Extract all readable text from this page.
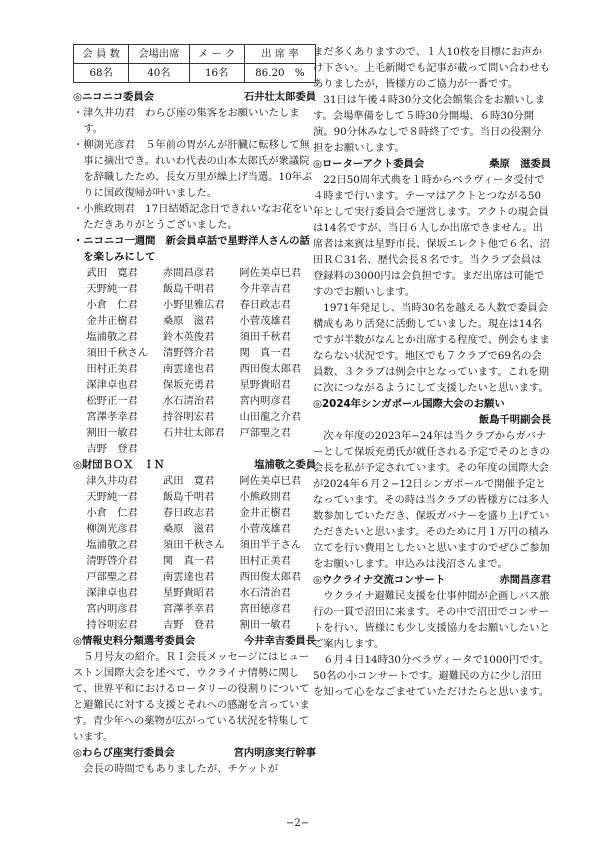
会 員 数	会場出席	メ ー ク	出 席 率
68名	40名	16名	86.20　%
◎ニコニコ委員会	石井壮太郎委員

・津久井功君　わらび座の集客をお願いいたします。

・柳渕光彦君　５年前の胃がんが肝臓に転移して無事に摘出でき。れいわ代表の山本太郎氏が衆議院を辞職したため、長女万里が繰上げ当選。10年ぶりに国政復帰が叶いました。

・小熊政則君　17日結婚記念日できれいなお花をいただきありがとうございました。

・ニコニコ一週間　新会員卓話で星野洋人さんの話を楽しみにして

武田　寛君	赤間昌彦君	阿佐美卓巳君
天野純一君	飯島千明君	今井幸吉君
小倉　仁君	小野里雅広君	春日政志君
金井正樹君	桑原　滋君	小菅茂雄君
塩浦敬之君	鈴木英俊君	須田千秋君
須田千秋さん	清野啓介君	関　真一君
田村正美君	南雲達也君	西田俊太郎君
深津卓也君	保坂充勇君	星野貴昭君
松野正一君	水石清治君	宮内明彦君
宮澤孝幸君	持谷明宏君	山田龍之介君
割田一敏君	石井壮太郎君	戸部聖之君
吉野　登君
◎財団ＢＯＸ　ＩＮ	塩浦敬之委員
津久井功君	武田　寛君	阿佐美卓巳君
天野純一君	飯島千明君	小熊政則君
小倉　仁君	春日政志君	金井正樹君
柳渕光彦君	桑原　滋君	小菅茂雄君
塩浦敬之君	須田千秋さん	須田半子さん
清野啓介君	関　真一君	田村正美君
戸部聖之君	南雲達也君	西田俊太郎君
深津卓也君	星野貴昭君	水石清治君
宮内明彦君	宮澤孝幸君	宮田徳彦君
持谷明宏君	吉野　登君	割田一敏君
◎情報史料分類選考委員会	今井幸吉委員長

５月号友の紹介。ＲＩ会長メッセージにはヒューストン国際大会を述べて、ウクライナ情勢に関して、世界平和におけるロータリーの役割りについてと避難民に対する支援とそれへの感謝を言っています。青少年への薬物が広がっている状況を特集しています。

◎わらび座実行委員会	宮内明彦実行幹事

会長の時間でもありましたが、チケットが

まだ多くありますので、１人10枚を目標にお声かけ下さい。上毛新聞でも記事が載って問い合わせもありましたが，皆様方のご協力が一番です。

31日は午後４時30分文化会館集合をお願いします。会場準備をして５時30分開場、６時30分開演。90分休みなしで８時終了です。当日の役割分担をお願いします。

◎ローターアクト委員会	桑原　滋委員

22日50周年式典を１時からベラヴィータ受付で４時まで行います。テーマはアクトとつながる50年として実行委員会で運営します。アクトの現会員は14名ですが、当日６人しか出席できません。出席者は来賓は星野市長、保坂エレクト他で６名、沼田ＲＣ31名、歴代会長８名です。当クラブ会員は登録料の3000円は会負担です。まだ出席は可能ですのでお願いします。

1971年発足し、当時30名を越える人数で委員会構成もあり活発に活動していました。現在は14名ですが半数がなんとか出席する程度で、例会もままならない状況です。地区でも７クラブで69名の会員数、３クラブは例会中となっています。これを期に次につながるようにして支援したいと思います。

◎2024年シンガポール国際大会のお願い

飯島千明副会長

次々年度の2023年−24年は当クラブからガバナーとして保坂充勇氏が就任される予定でそのときの会長を私が予定されています。その年度の国際大会が2024年６月２−12日シンガポールで開催予定となっています。その時は当クラブの皆様方には多人数参加していただき、保坂ガバナーを盛り上げていただきたいと思います。そのために月１万円の積み立てを行い費用としたいと思いますのでぜひご参加をお願いします。申込みは浅沼さんまで。

◎ウクライナ交流コンサート	赤間昌彦君

ウクライナ避難民支援を仕事仲間が企画しバス旅行の一貫で沼田に来ます。その中で沼田でコンサートを行い、皆様にも少し支援協力をお願いしたいとご案内します。

６月４日14時30分ベラヴィータで1000円です。50名の小コンサートです。避難民の方に少し沼田を知って心をなごませていただけたらと思います。

−2−
